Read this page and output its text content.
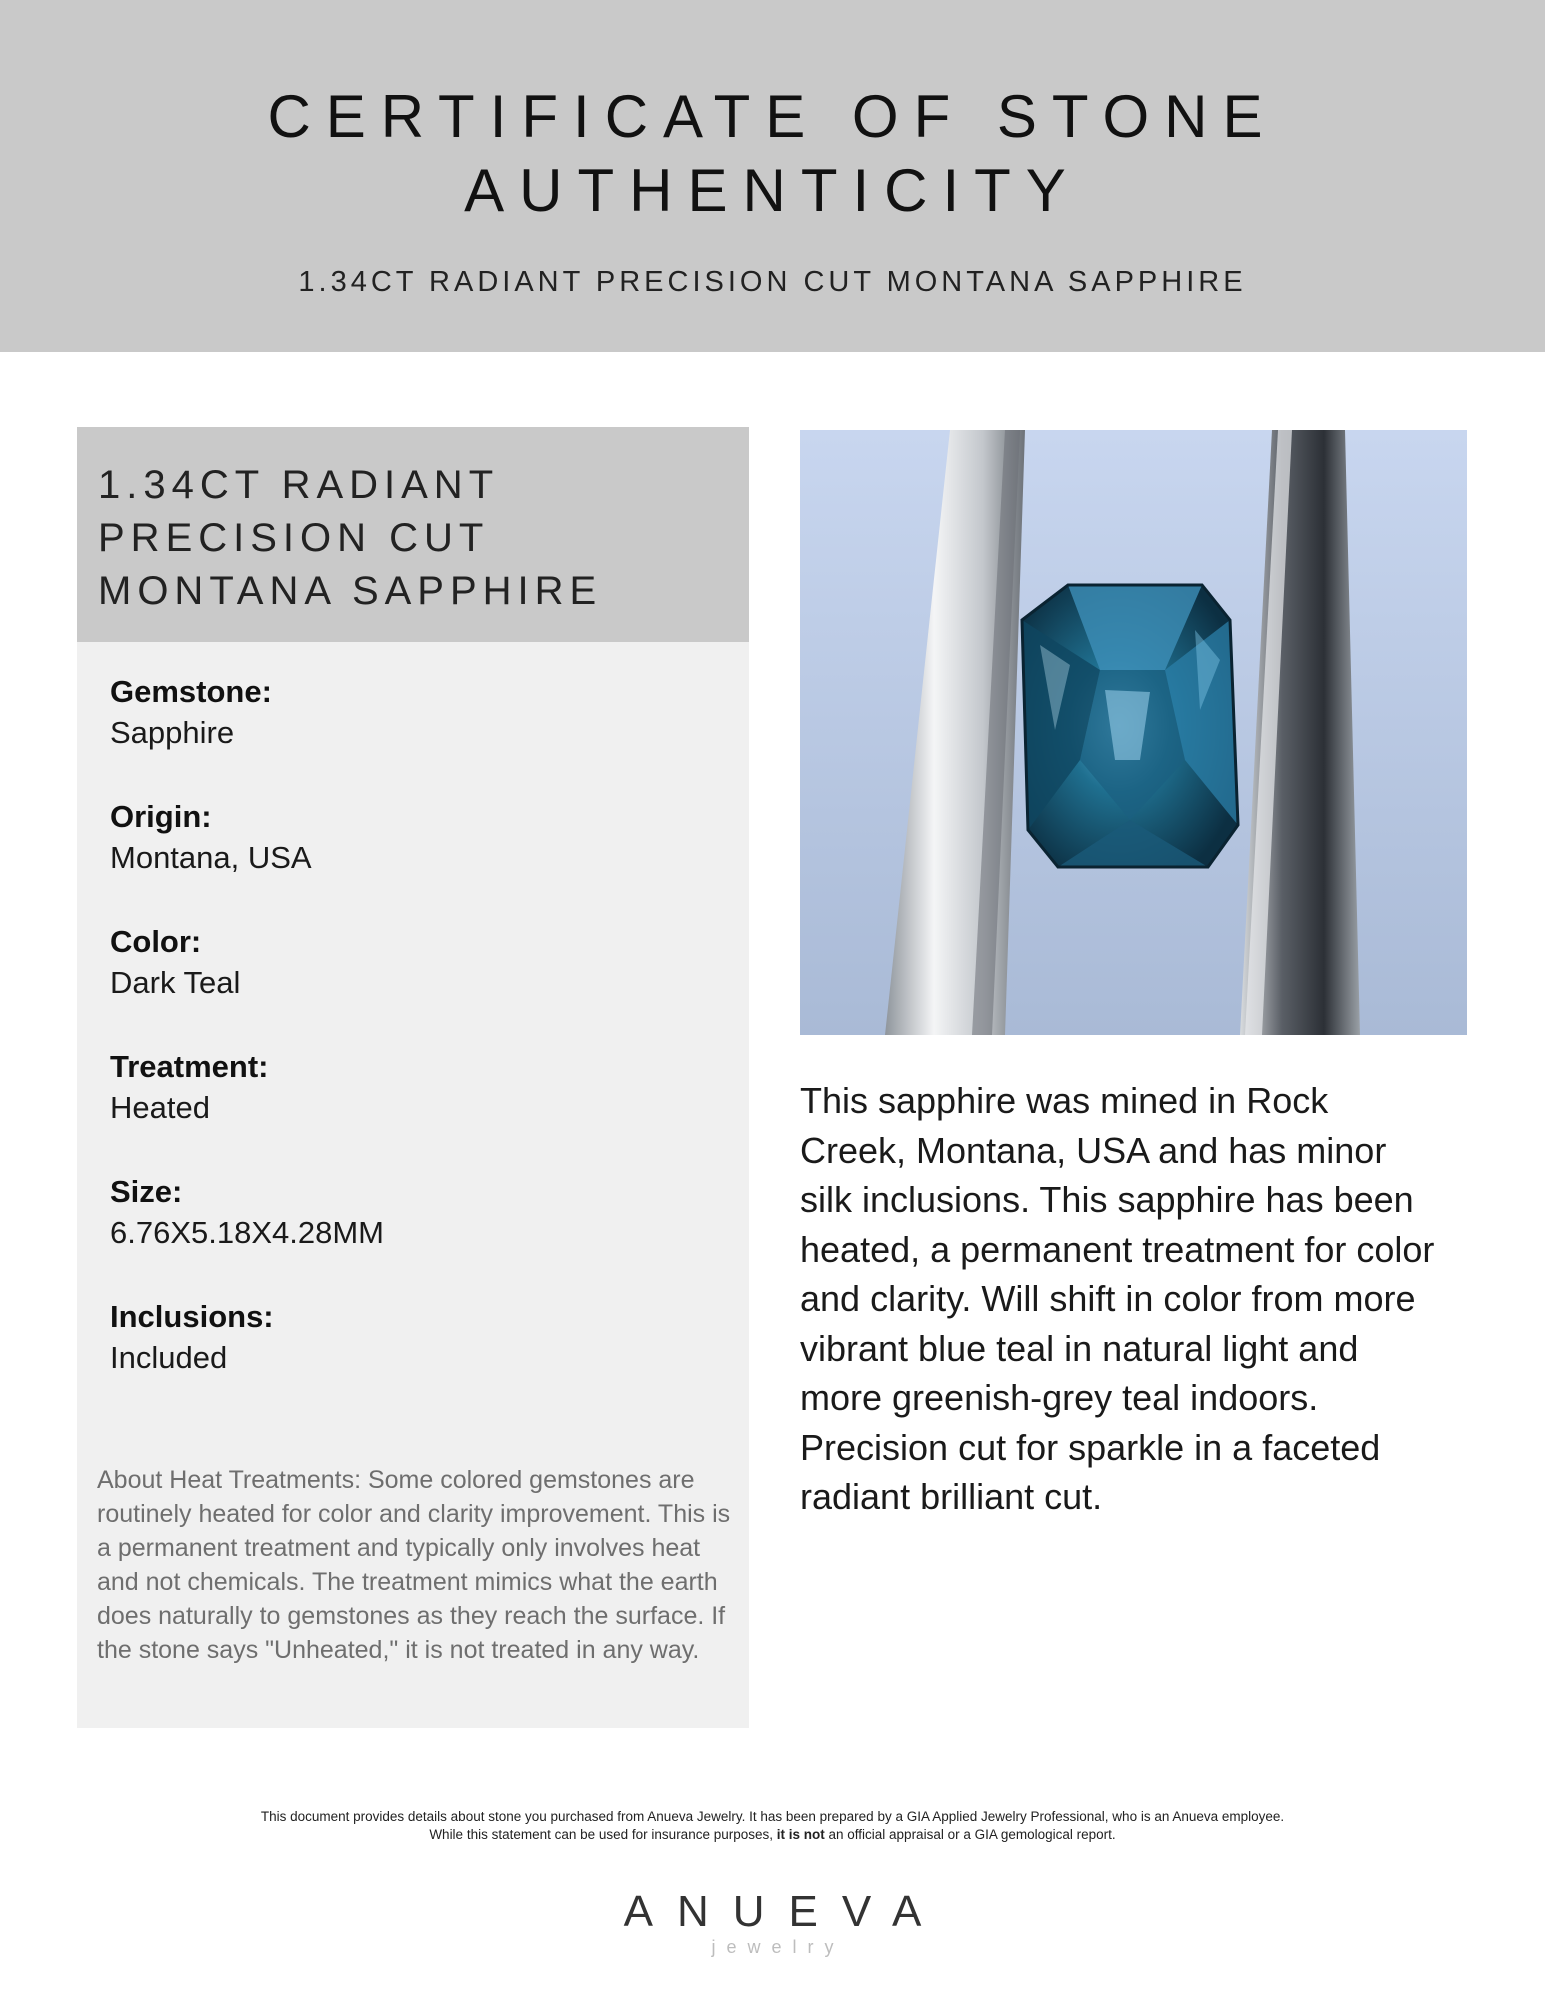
CERTIFICATE OF STONE
AUTHENTICITY
1.34CT RADIANT PRECISION CUT MONTANA SAPPHIRE
1.34CT RADIANT
PRECISION CUT
MONTANA SAPPHIRE
Gemstone:
Sapphire
Origin:
Montana, USA
Color:
Dark Teal
Treatment:
Heated
Size:
6.76X5.18X4.28MM
Inclusions:
Included
About Heat Treatments: Some colored gemstones are routinely heated for color and clarity improvement. This is a permanent treatment and typically only involves heat and not chemicals. The treatment mimics what the earth does naturally to gemstones as they reach the surface. If the stone says "Unheated," it is not treated in any way.
This sapphire was mined in Rock Creek, Montana, USA and has minor silk inclusions. This sapphire has been heated, a permanent treatment for color and clarity. Will shift in color from more vibrant blue teal in natural light and more greenish-grey teal indoors. Precision cut for sparkle in a faceted radiant brilliant cut.
This document provides details about stone you purchased from Anueva Jewelry. It has been prepared by a GIA Applied Jewelry Professional, who is an Anueva employee.
While this statement can be used for insurance purposes, it is not an official appraisal or a GIA gemological report.
ANUEVA
jewelry
